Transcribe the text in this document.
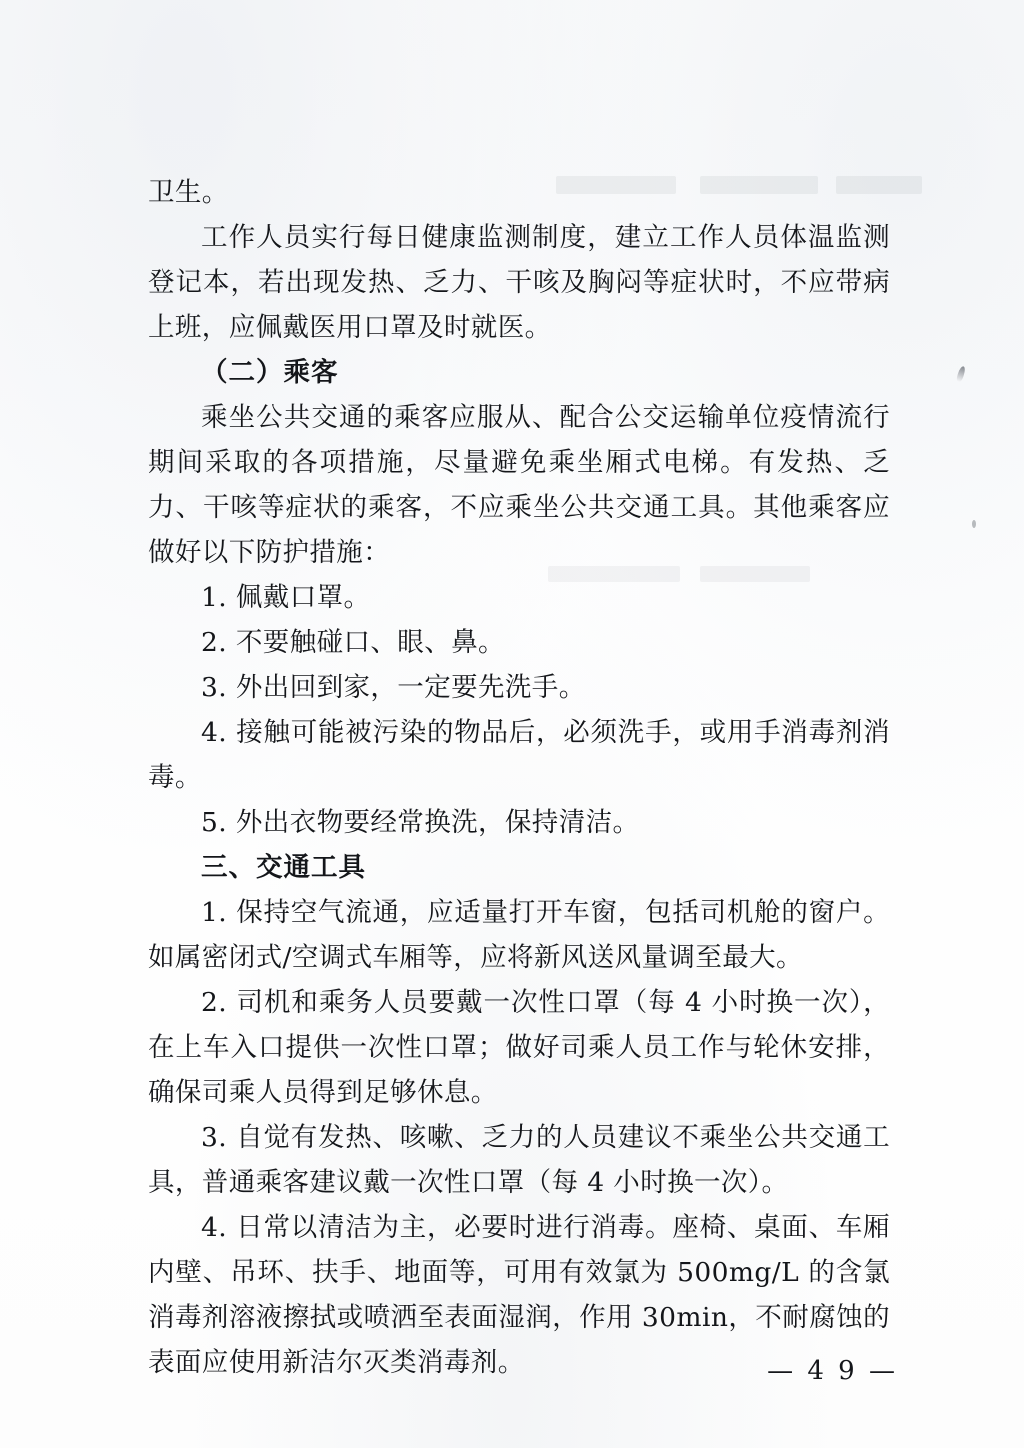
卫生。

工作人员实行每日健康监测制度，建立工作人员体温监测登记本，若出现发热、乏力、干咳及胸闷等症状时，不应带病上班，应佩戴医用口罩及时就医。

（二）乘客

乘坐公共交通的乘客应服从、配合公交运输单位疫情流行期间采取的各项措施，尽量避免乘坐厢式电梯。有发热、乏力、干咳等症状的乘客，不应乘坐公共交通工具。其他乘客应做好以下防护措施：

1. 佩戴口罩。

2. 不要触碰口、眼、鼻。

3. 外出回到家，一定要先洗手。

4. 接触可能被污染的物品后，必须洗手，或用手消毒剂消毒。

5. 外出衣物要经常换洗，保持清洁。

三、交通工具

1. 保持空气流通，应适量打开车窗，包括司机舱的窗户。如属密闭式/空调式车厢等，应将新风送风量调至最大。

2. 司机和乘务人员要戴一次性口罩（每 4 小时换一次），在上车入口提供一次性口罩；做好司乘人员工作与轮休安排，确保司乘人员得到足够休息。

3. 自觉有发热、咳嗽、乏力的人员建议不乘坐公共交通工具，普通乘客建议戴一次性口罩（每 4 小时换一次）。

4. 日常以清洁为主，必要时进行消毒。座椅、桌面、车厢内壁、吊环、扶手、地面等，可用有效氯为 500mg/L 的含氯消毒剂溶液擦拭或喷洒至表面湿润，作用 30min，不耐腐蚀的表面应使用新洁尔灭类消毒剂。	— 4 9 —
